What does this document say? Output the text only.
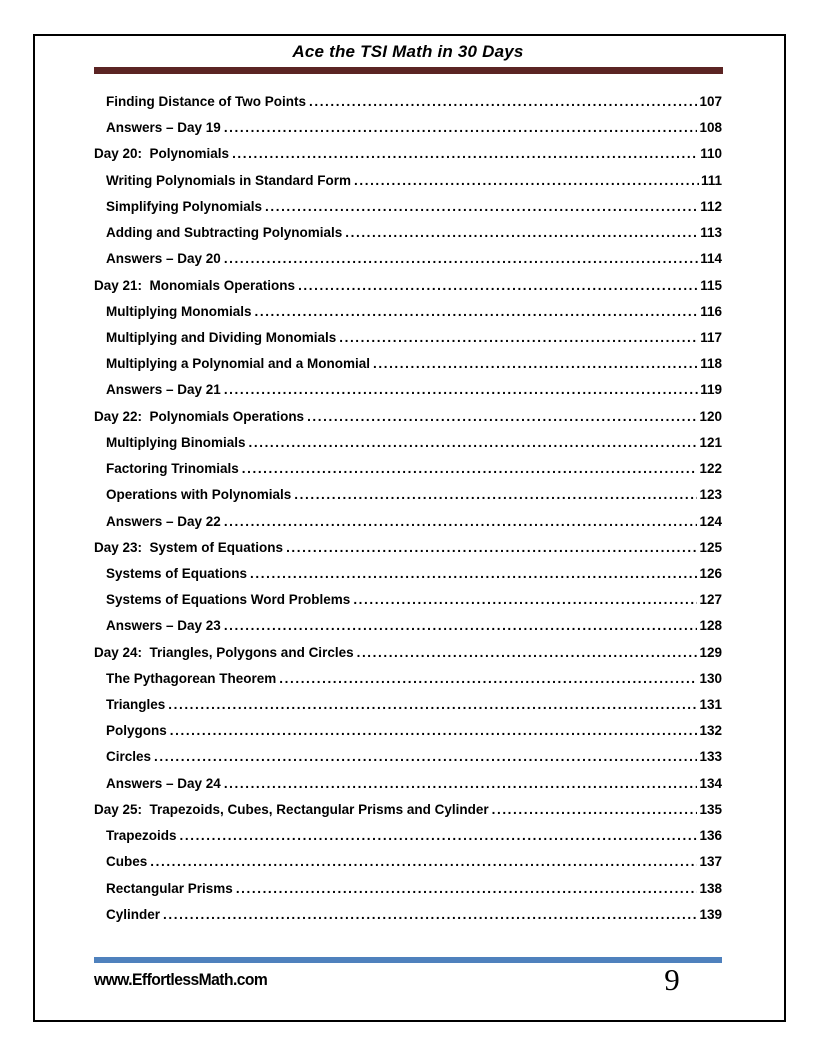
Ace the TSI Math in 30 Days
Finding Distance of Two Points .....	107
Answers – Day 19 .....	108
Day 20:  Polynomials .....	110
Writing Polynomials in Standard Form .....	111
Simplifying Polynomials .....	112
Adding and Subtracting Polynomials .....	113
Answers – Day 20 .....	114
Day 21:  Monomials Operations .....	115
Multiplying Monomials .....	116
Multiplying and Dividing Monomials .....	117
Multiplying a Polynomial and a Monomial .....	118
Answers – Day 21 .....	119
Day 22:  Polynomials Operations .....	120
Multiplying Binomials .....	121
Factoring Trinomials .....	122
Operations with Polynomials .....	123
Answers – Day 22 .....	124
Day 23:  System of Equations .....	125
Systems of Equations .....	126
Systems of Equations Word Problems .....	127
Answers – Day 23 .....	128
Day 24:  Triangles, Polygons and Circles .....	129
The Pythagorean Theorem .....	130
Triangles .....	131
Polygons .....	132
Circles .....	133
Answers – Day 24 .....	134
Day 25:  Trapezoids, Cubes, Rectangular Prisms and Cylinder .....	135
Trapezoids .....	136
Cubes .....	137
Rectangular Prisms .....	138
Cylinder .....	139
www.EffortlessMath.com	9
